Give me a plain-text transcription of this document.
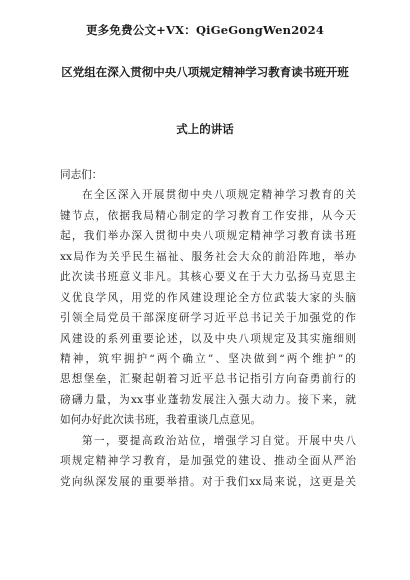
更多免费公文+VX：QiGeGongWen2024
区党组在深入贯彻中央八项规定精神学习教育读书班开班
式上的讲话
同志们：
在全区深入开展贯彻中央八项规定精神学习教育的关
键节点，依据我局精心制定的学习教育工作安排，从今天
起，我们举办深入贯彻中央八项规定精神学习教育读书班
xx局作为关乎民生福祉、服务社会大众的前沿阵地，举办
此次读书班意义非凡。其核心要义在于大力弘扬马克思主
义优良学风，用党的作风建设理论全方位武装大家的头脑
引领全局党员干部深度研学习近平总书记关于加强党的作
风建设的系列重要论述，以及中央八项规定及其实施细则
精神，筑牢拥护“两个确立”、坚决做到“两个维护”的
思想堡垒，汇聚起朝着习近平总书记指引方向奋勇前行的
磅礴力量，为xx事业蓬勃发展注入强大动力。接下来，就
如何办好此次读书班，我着重谈几点意见。
第一，要提高政治站位，增强学习自觉。开展中央八
项规定精神学习教育，是加强党的建设、推动全面从严治
党向纵深发展的重要举措。对于我们xx局来说，这更是关
